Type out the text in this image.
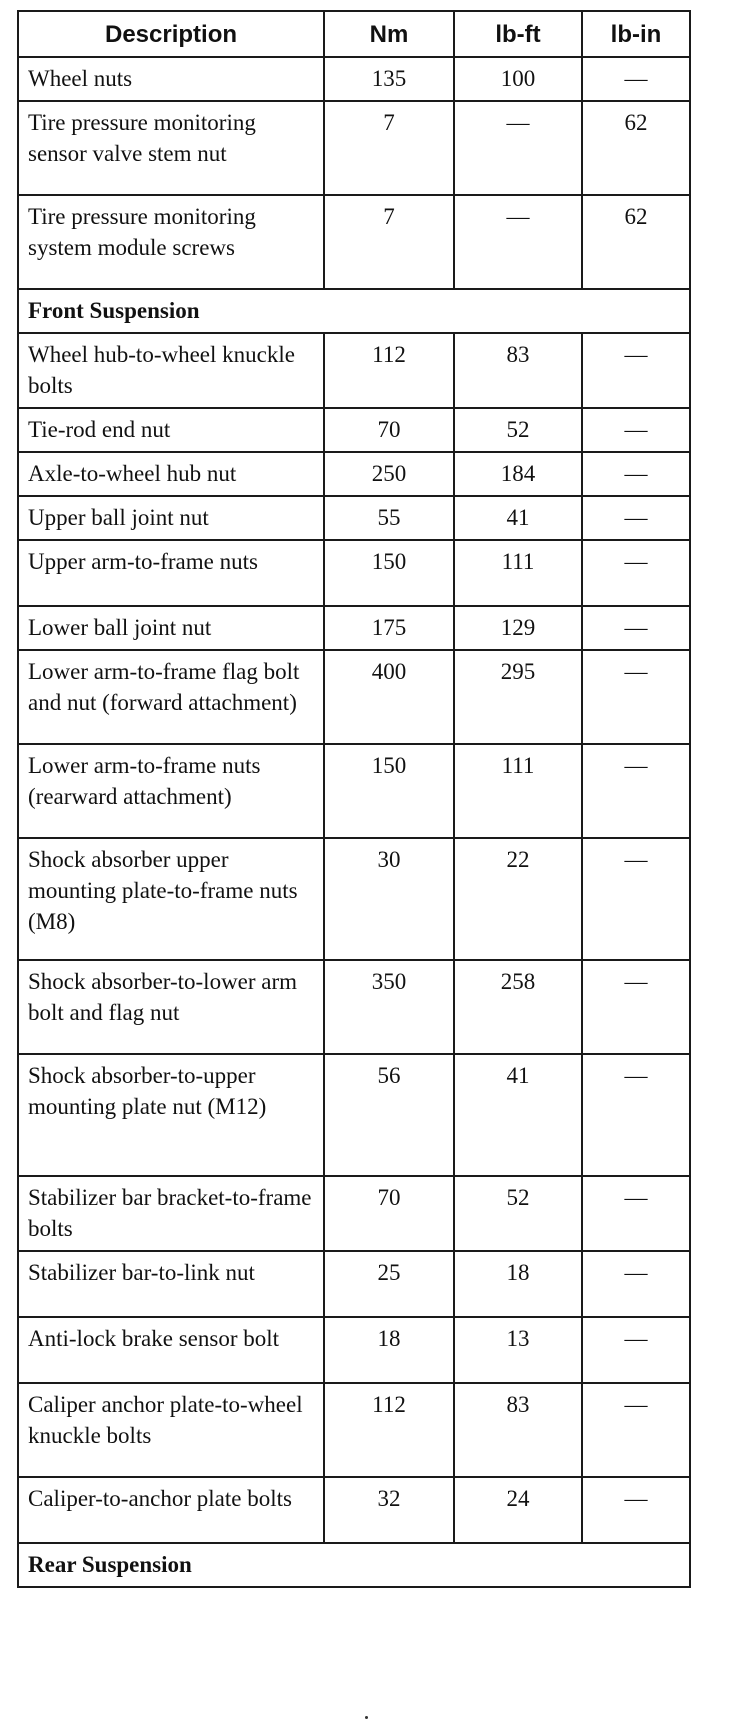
Description	Nm	lb-ft	lb-in
Wheel nuts	135	100	—
Tire pressure monitoring sensor valve stem nut	7	—	62
Tire pressure monitoring system module screws	7	—	62
Front Suspension			
Wheel hub-to-wheel knuckle bolts	112	83	—
Tie-rod end nut	70	52	—
Axle-to-wheel hub nut	250	184	—
Upper ball joint nut	55	41	—
Upper arm-to-frame nuts	150	111	—
Lower ball joint nut	175	129	—
Lower arm-to-frame flag bolt and nut (forward attachment)	400	295	—
Lower arm-to-frame nuts (rearward attachment)	150	111	—
Shock absorber upper mounting plate-to-frame nuts (M8)	30	22	—
Shock absorber-to-lower arm bolt and flag nut	350	258	—
Shock absorber-to-upper mounting plate nut (M12)	56	41	—
Stabilizer bar bracket-to-frame bolts	70	52	—
Stabilizer bar-to-link nut	25	18	—
Anti-lock brake sensor bolt	18	13	—
Caliper anchor plate-to-wheel knuckle bolts	112	83	—
Caliper-to-anchor plate bolts	32	24	—
Rear Suspension			
